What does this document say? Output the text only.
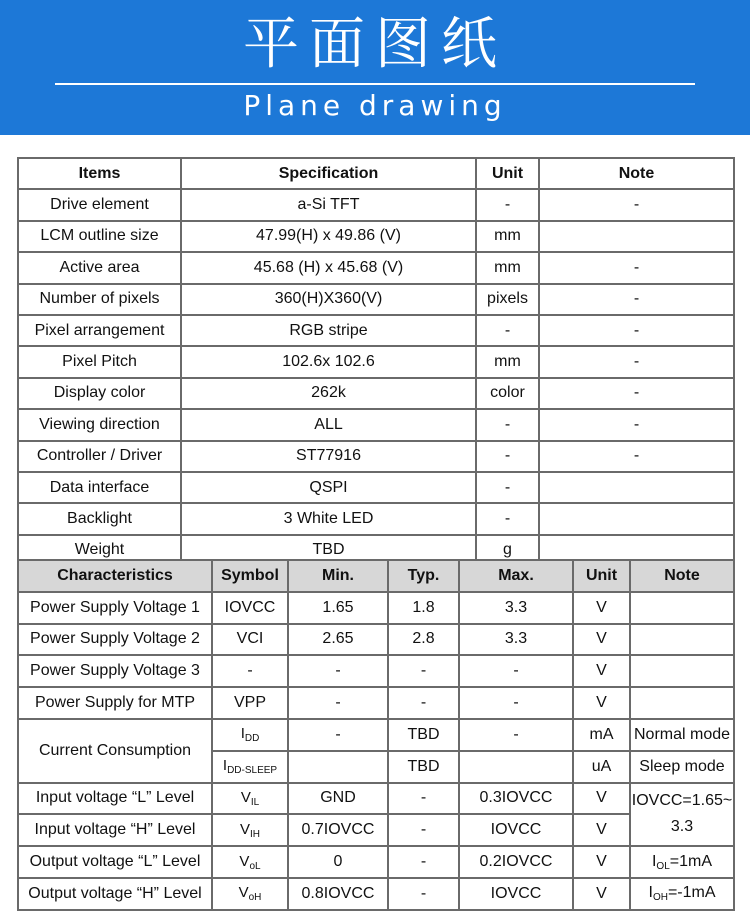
平面图纸
Plane drawing
Items	Specification	Unit	Note
Drive element	a-Si TFT	-	-
LCM outline size	47.99(H) x 49.86 (V)	mm	
Active area	45.68 (H) x 45.68 (V)	mm	-
Number of pixels	360(H)X360(V)	pixels	-
Pixel arrangement	RGB stripe	-	-
Pixel Pitch	102.6x 102.6	mm	-
Display color	262k	color	-
Viewing direction	ALL	-	-
Controller / Driver	ST77916	-	-
Data interface	QSPI	-	
Backlight	3 White LED	-	
Weight	TBD	g	
Characteristics	Symbol	Min.	Typ.	Max.	Unit	Note
Power Supply Voltage 1	IOVCC	1.65	1.8	3.3	V	
Power Supply Voltage 2	VCI	2.65	2.8	3.3	V	
Power Supply Voltage 3	-	-	-	-	V	
Power Supply for MTP	VPP	-	-	-	V	
Current Consumption	$I_{DD}$	-	TBD	-	mA	Normal mode
	$I_{DD-SLEEP}$		TBD		uA	Sleep mode
Input voltage “L” Level	$V_{IL}$	GND	-	0.3IOVCC	V	IOVCC=1.65~ 3.3
Input voltage “H” Level	$V_{IH}$	0.7IOVCC	-	IOVCC	V	
Output voltage “L” Level	$V_{oL}$	0	-	0.2IOVCC	V	$I_{OL}=1mA$
Output voltage “H” Level	$V_{oH}$	0.8IOVCC	-	IOVCC	V	$I_{OH}=-1mA$
